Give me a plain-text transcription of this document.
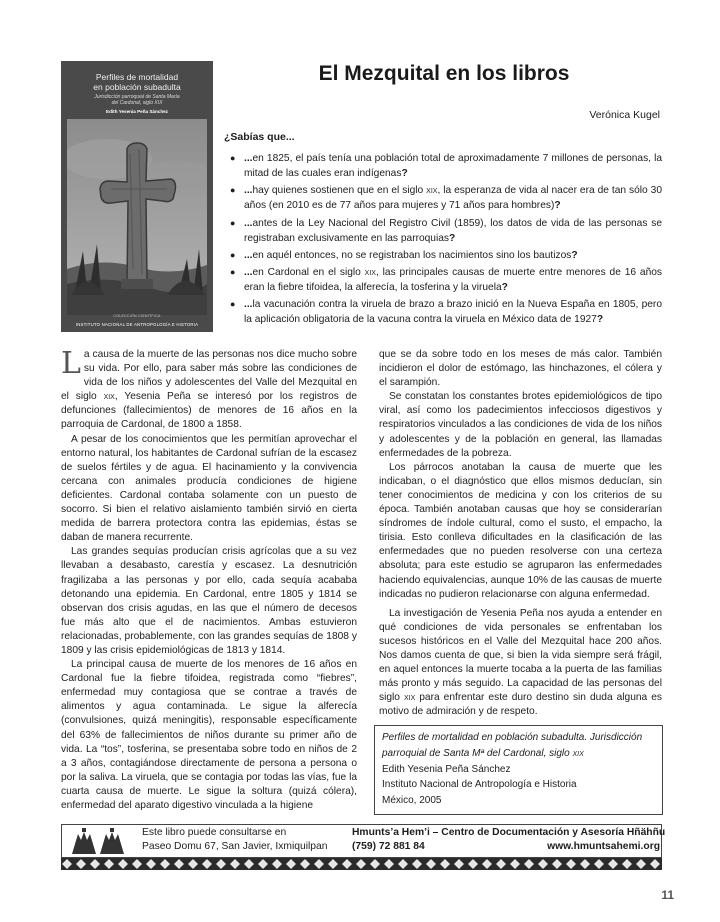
Perfiles de mortalidad
en población subadulta
Jurisdicción parroquial de Santa María
del Cardonal, siglo XIX
Edith Yesenia Peña Sánchez
COLECCIÓN CIENTÍFICA
INSTITUTO NACIONAL DE ANTROPOLOGÍA E HISTORIA
El Mezquital en los libros
Verónica Kugel
¿Sabías que...
● ...en 1825, el país tenía una población total de aproximadamente 7 millones de personas, la mitad de las cuales eran indígenas?
● ...hay quienes sostienen que en el siglo xix, la esperanza de vida al nacer era de tan sólo 30 años (en 2010 es de 77 años para mujeres y 71 años para hombres)?
● ...antes de la Ley Nacional del Registro Civil (1859), los datos de vida de las personas se registraban exclusivamente en las parroquias?
● ...en aquél entonces, no se registraban los nacimientos sino los bautizos?
● ...en Cardonal en el siglo xix, las principales causas de muerte entre menores de 16 años eran la fiebre tifoidea, la alferecía, la tosferina y la viruela?
● ...la vacunación contra la viruela de brazo a brazo inició en la Nueva España en 1805, pero la aplicación obligatoria de la vacuna contra la viruela en México data de 1927?

La causa de la muerte de las personas nos dice mucho sobre su vida. Por ello, para saber más sobre las condiciones de vida de los niños y adolescentes del Valle del Mezquital en el siglo xix, Yesenia Peña se interesó por los registros de defunciones (fallecimientos) de menores de 16 años en la parroquia de Cardonal, de 1800 a 1858.

A pesar de los conocimientos que les permitían aprovechar el entorno natural, los habitantes de Cardonal sufrían de la escasez de suelos fértiles y de agua. El hacinamiento y la convivencia cercana con animales producía condiciones de higiene deficientes. Cardonal contaba solamente con un puesto de socorro. Si bien el relativo aislamiento también sirvió en cierta medida de barrera protectora contra las epidemias, éstas se daban de manera recurrente.

Las grandes sequías producían crisis agrícolas que a su vez llevaban a desabasto, carestía y escasez. La desnutrición fragilizaba a las personas y por ello, cada sequía acababa detonando una epidemia. En Cardonal, entre 1805 y 1814 se observan dos crisis agudas, en las que el número de decesos fue más alto que el de nacimientos. Ambas estuvieron relacionadas, probablemente, con las grandes sequías de 1808 y 1809 y las crisis epidemiológicas de 1813 y 1814.

La principal causa de muerte de los menores de 16 años en Cardonal fue la fiebre tifoidea, registrada como “fiebres”, enfermedad muy contagiosa que se contrae a través de alimentos y agua contaminada. Le sigue la alferecía (convulsiones, quizá meningitis), responsable específicamente del 63% de fallecimientos de niños durante su primer año de vida. La “tos”, tosferina, se presentaba sobre todo en niños de 2 a 3 años, contagiándose directamente de persona a persona o por la saliva. La viruela, que se contagia por todas las vías, fue la cuarta causa de muerte. Le sigue la soltura (quizá cólera), enfermedad del aparato digestivo vinculada a la higiene

que se da sobre todo en los meses de más calor. También incidieron el dolor de estómago, las hinchazones, el cólera y el sarampión.

Se constatan los constantes brotes epidemiológicos de tipo viral, así como los padecimientos infecciosos digestivos y respiratorios vinculados a las condiciones de vida de los niños y adolescentes y de la población en general, las llamadas enfermedades de la pobreza.

Los párrocos anotaban la causa de muerte que les indicaban, o el diagnóstico que ellos mismos deducían, sin tener conocimientos de medicina y con los criterios de su época. También anotaban causas que hoy se considerarían síndromes de índole cultural, como el susto, el empacho, la tirisia. Esto conlleva dificultades en la clasificación de las enfermedades que no pueden resolverse con una certeza absoluta; para este estudio se agruparon las enfermedades haciendo equivalencias, aunque 10% de las causas de muerte indicadas no pudieron relacionarse con alguna enfermedad.

La investigación de Yesenia Peña nos ayuda a entender en qué condiciones de vida personales se enfrentaban los sucesos históricos en el Valle del Mezquital hace 200 años. Nos damos cuenta de que, si bien la vida siempre será frágil, en aquel entonces la muerte tocaba a la puerta de las familias más pronto y más seguido. La capacidad de las personas del siglo xix para enfrentar este duro destino sin duda alguna es motivo de admiración y de respeto.

Perfiles de mortalidad en población subadulta. Jurisdicción parroquial de Santa Mª del Cardonal, siglo xix
Edith Yesenia Peña Sánchez
Instituto Nacional de Antropología e Historia
México, 2005
Este libro puede consultarse en
Paseo Domu 67, San Javier, Ixmiquilpan
Hmunts’a Hem’i – Centro de Documentación y Asesoría Hñähñu
(759) 72 881 84	www.hmuntsahemi.org
11
